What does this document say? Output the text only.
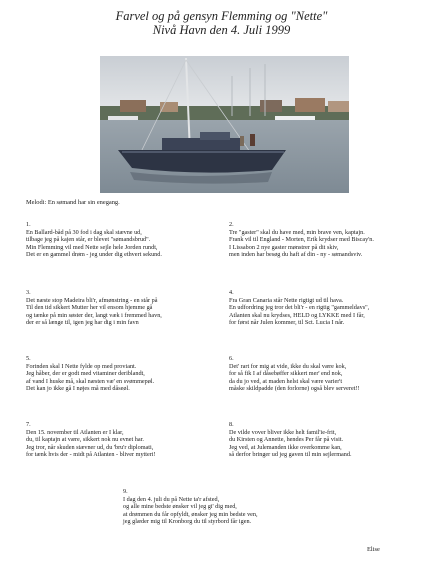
Farvel og på gensyn Flemming og "Nette"
Nivå Havn den 4. Juli 1999
Melodi: En sømand har sin enegang.
1.
En Ballard-båd på 30 fod i dag skal stævne ud,
tilbage jeg på kajen står, er blevet "sømandsbrud".
Min Flemming vil med Nette sejle hele Jorden rundt,
Det er en gammel drøm - jeg under dig ethvert sekund.
2.
Tre "gaster" skal du have med, min brave ven, kaptajn.
Frank vil til England - Morten, Erik krydser med Biscay'n.
I Lissabon 2 nye gaster mønstrer på dit skiv,
men inden har besøg du haft af din - ny - sømandsviv.
3.
Det næste stop Madeira bli'r, afmønstring - en står på
Til den tid sikkert Mutter her vil ensom hjemme gå
og tænke på min søster der, langt væk i fremmed havn,
der er så længe til, igen jeg har dig i min favn
4.
Fra Gran Canaria står Nette rigtigt ud til hava.
En udfordring jeg tror det bli'r - en rigtig "gammeldavs",
Atlanten skal nu krydses, HELD og LYKKE med I får,
for først når Julen kommer, til Sct. Lucia I når.
5.
Forinden skal I Nette fylde op med proviant.
Jeg håber, der er godt med vitaminer deriblandt,
af vand I huske må, skal næsten væ' en svømmepøl.
Det kan jo ikke gå I nøjes må med dåseøl.
6.
Det' rart for mig at vide, ikke du skal være kok,
for så fik I af dåsebøffer sikkert mer' end nok,
da du jo ved, at maden helst skal være varier't
måske skildpadde (den forlorne) også blev serveret!!
7.
Den 15. november til Atlanten er I klar,
du, til kaptajn at være, sikkert nok nu evnet har.
Jeg tror, når skuden stævner ud, du 'bru'r diplomati,
for tænk hvis der - midt på Atlanten - bliver mytteri!
8.
De vilde vover bliver ikke helt famil'ie-frit,
du Kirsten og Annette, hendes Per får på visit.
Jeg ved, at Julemanden ikke overkomme kan,
så derfor bringer ud jeg gaven til min sejlermand.
9.
I dag den 4. juli du på Nette ta'r afsted,
og alle mine bedste ønsker vil jeg gi' dig med,
at drømmen du får opfyldt, ønsker jeg min bedste ven,
jeg glæder mig til Kronborg du til styrbord får igen.
Elise
